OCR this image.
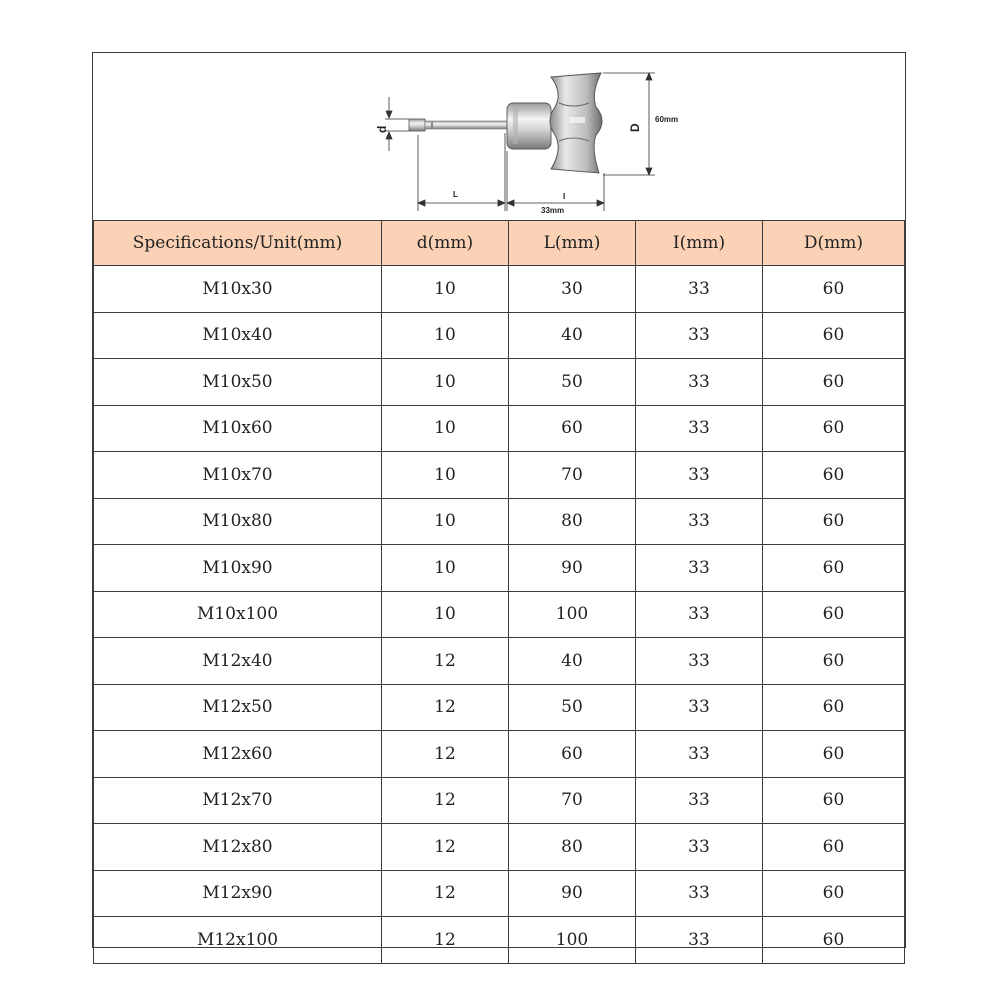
d
L	I
33mm
D
60mm
Specifications/Unit(mm)	d(mm)	L(mm)	I(mm)	D(mm)
M10x30	10	30	33	60
M10x40	10	40	33	60
M10x50	10	50	33	60
M10x60	10	60	33	60
M10x70	10	70	33	60
M10x80	10	80	33	60
M10x90	10	90	33	60
M10x100	10	100	33	60
M12x40	12	40	33	60
M12x50	12	50	33	60
M12x60	12	60	33	60
M12x70	12	70	33	60
M12x80	12	80	33	60
M12x90	12	90	33	60
M12x100	12	100	33	60
